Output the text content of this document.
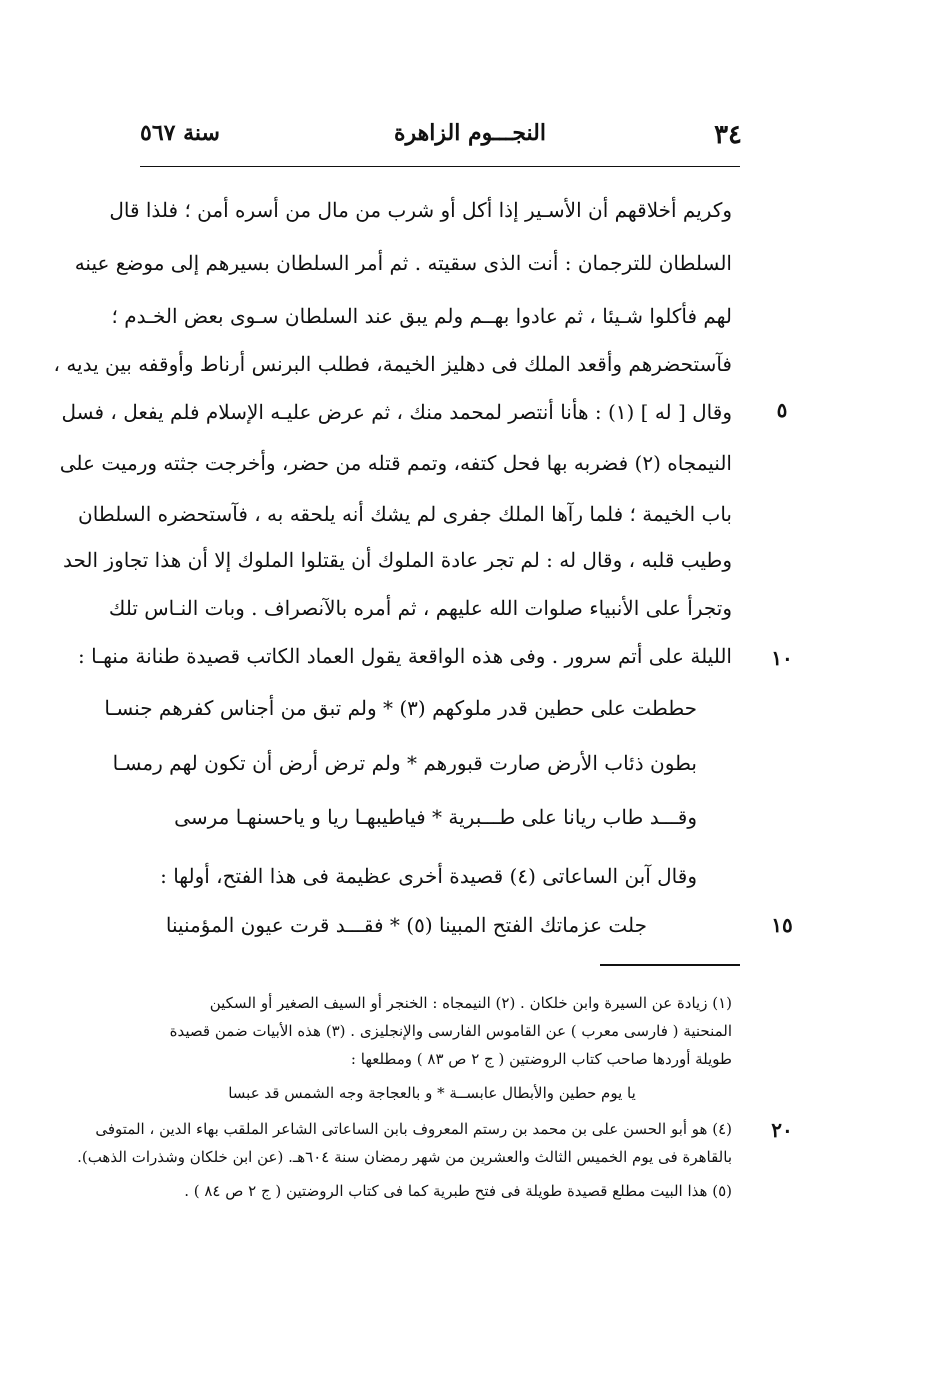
٣٤
النجـــوم الزاهرة
سنة ٥٦٧
وكريم أخلاقهم أن الأسـير إذا أكل أو شرب من مال من أسره أمن ؛ فلذا قال
السلطان للترجمان : أنت الذى سقيته . ثم أمر السلطان بسيرهم إلى موضع عينه
لهم فأكلوا شـيئا ، ثم عادوا بهــم ولم يبق عند السلطان سـوى بعض الخـدم ؛
فآستحضرهم وأقعد الملك فى دهليز الخيمة، فطلب البرنس أرناط وأوقفه بين يديه ،
وقال [ له ] (١) : هأنا أنتصر لمحمد منك ، ثم عرض عليـه الإسلام فلم يفعل ، فسل
النيمجاه (٢) فضربه بها فحل كتفه، وتمم قتله من حضر، وأخرجت جثته ورميت على
باب الخيمة ؛ فلما رآها الملك جفرى لم يشك أنه يلحقه به ، فآستحضره السلطان
وطيب قلبه ، وقال له : لم تجر عادة الملوك أن يقتلوا الملوك إلا أن هذا تجاوز الحد
وتجرأ على الأنبياء صلوات الله عليهم ، ثم أمره بالآنصراف . وبات النـاس تلك
الليلة على أتم سرور . وفى هذه الواقعة يقول العماد الكاتب قصيدة طنانة منهـا :
حططت على حطين قدر ملوكهم (٣) * ولم تبق من أجناس كفرهم جنسـا
بطون ذئاب الأرض صارت قبورهم * ولم ترض أرض أن تكون لهم رمسـا
وقـــد طاب ريانا على طـــبرية * فياطيبهـا ريا و ياحسنهـا مرسى
وقال آبن الساعاتى (٤) قصيدة أخرى عظيمة فى هذا الفتح، أولها :
جلت عزماتك الفتح المبينا (٥) * فقـــد قرت عيون المؤمنينا
٥
١٠
١٥
٢٠
(١) زيادة عن السيرة وابن خلكان . (٢) النيمجاه : الخنجر أو السيف الصغير أو السكين
المنحنية ( فارسى معرب ) عن القاموس الفارسى والإنجليزى . (٣) هذه الأبيات ضمن قصيدة
طويلة أوردها صاحب كتاب الروضتين ( ج ٢ ص ٨٣ ) ومطلعها :
يا يوم حطين والأبطال عابســة * و بالعجاجة وجه الشمس قد عبسا
(٤) هو أبو الحسن على بن محمد بن رستم المعروف بابن الساعاتى الشاعر الملقب بهاء الدين ، المتوفى
بالقاهرة فى يوم الخميس الثالث والعشرين من شهر رمضان سنة ٦٠٤هـ. (عن ابن خلكان وشذرات الذهب).
(٥) هذا البيت مطلع قصيدة طويلة فى فتح طبرية كما فى كتاب الروضتين ( ج ٢ ص ٨٤ ) .
